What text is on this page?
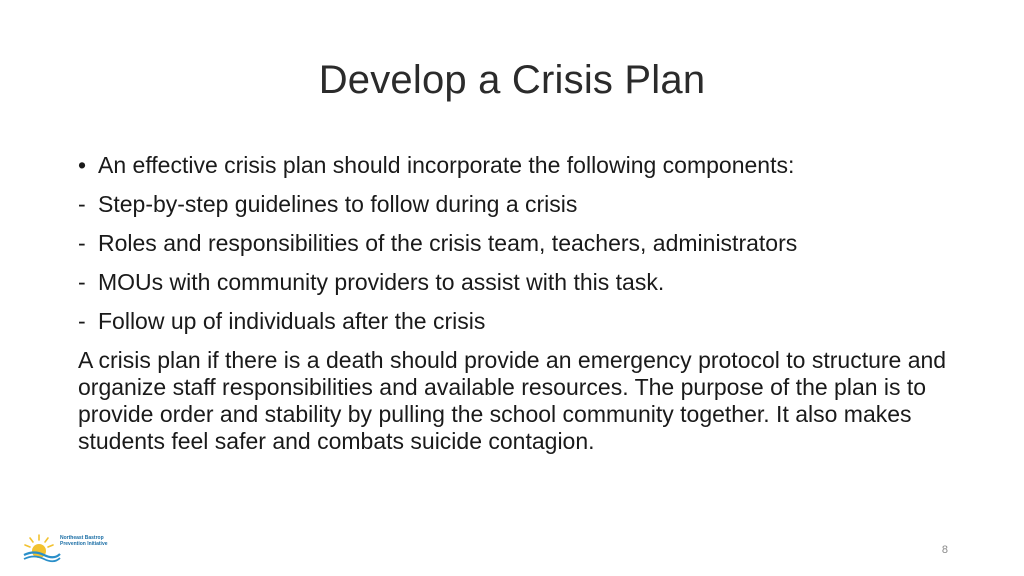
Develop a Crisis Plan
• An effective crisis plan should incorporate the following components:
- Step-by-step guidelines to follow during a crisis
- Roles and responsibilities of the crisis team, teachers, administrators
- MOUs with community providers to assist with this task.
- Follow up of individuals after the crisis
A crisis plan if there is a death should provide an emergency protocol to structure and organize staff responsibilities and available resources. The purpose of the plan is to provide order and stability by pulling the school community together. It also makes students feel safer and combats suicide contagion.
Northeast Bastrop Prevention Initiative	8
